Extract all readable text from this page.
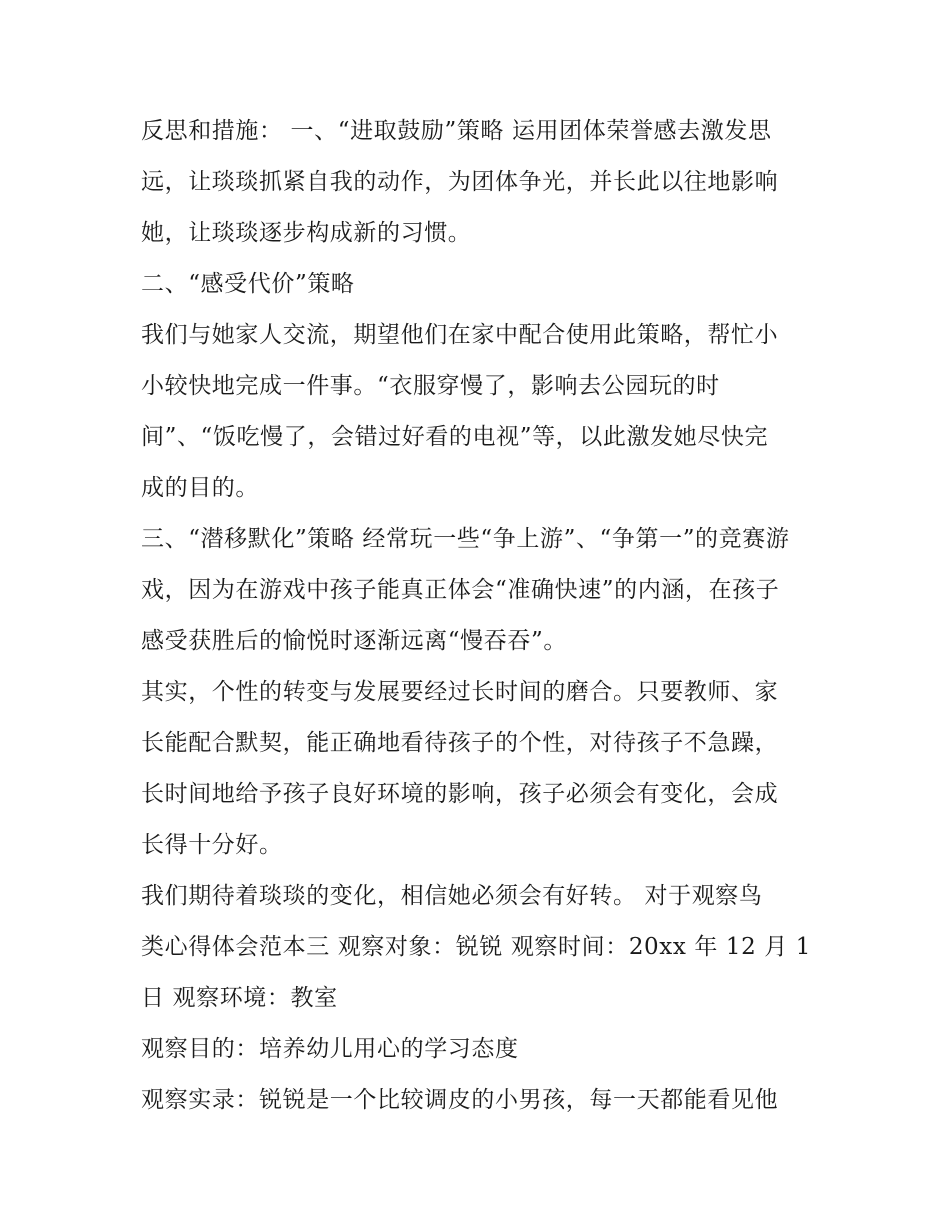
反思和措施： 一、“进取鼓励”策略 运用团体荣誉感去激发思
远，让琰琰抓紧自我的动作，为团体争光，并长此以往地影响
她，让琰琰逐步构成新的习惯。
二、“感受代价”策略
我们与她家人交流，期望他们在家中配合使用此策略，帮忙小
小较快地完成一件事。“衣服穿慢了，影响去公园玩的时
间”、“饭吃慢了，会错过好看的电视”等，以此激发她尽快完
成的目的。
三、“潜移默化”策略 经常玩一些“争上游”、“争第一”的竞赛游
戏，因为在游戏中孩子能真正体会“准确快速”的内涵，在孩子
感受获胜后的愉悦时逐渐远离“慢吞吞”。
其实，个性的转变与发展要经过长时间的磨合。只要教师、家
长能配合默契，能正确地看待孩子的个性，对待孩子不急躁，
长时间地给予孩子良好环境的影响，孩子必须会有变化，会成
长得十分好。
我们期待着琰琰的变化，相信她必须会有好转。 对于观察鸟
类心得体会范本三 观察对象：锐锐 观察时间：20xx 年 12 月 1
日 观察环境：教室
观察目的：培养幼儿用心的学习态度
观察实录：锐锐是一个比较调皮的小男孩，每一天都能看见他
